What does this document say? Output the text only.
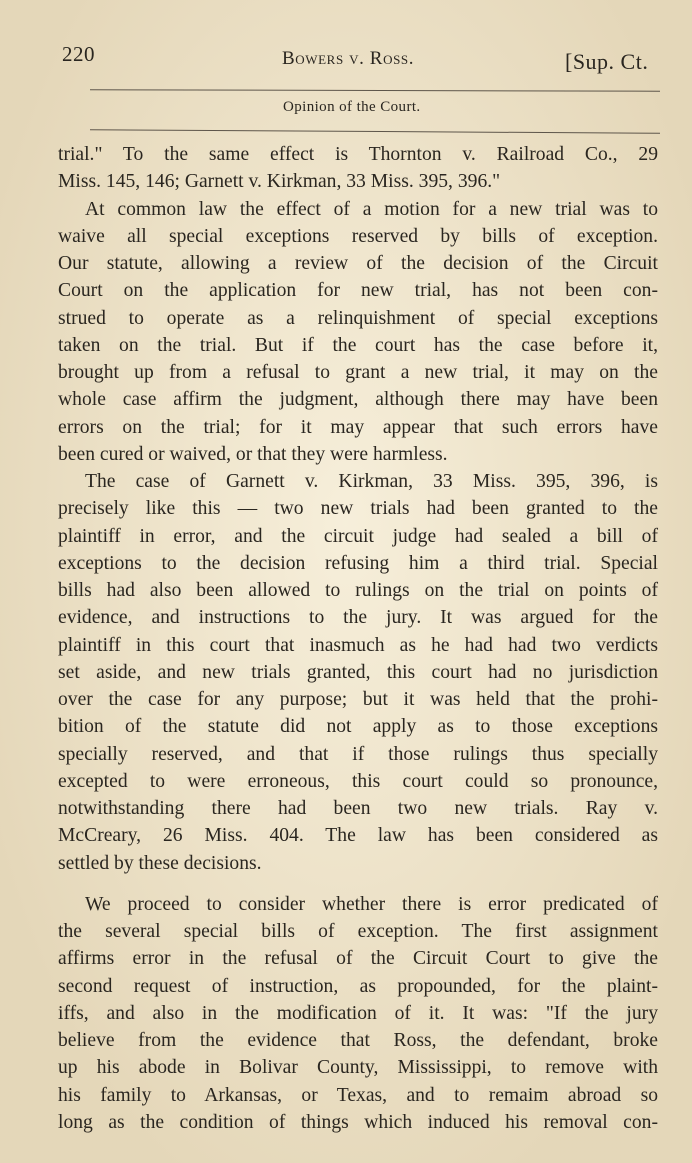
220	Bowers v. Ross.	[Sup. Ct.
Opinion of the Court.
trial." To the same effect is Thornton v. Railroad Co., 29
Miss. 145, 146; Garnett v. Kirkman, 33 Miss. 395, 396."
At common law the effect of a motion for a new trial was to
waive all special exceptions reserved by bills of exception.
Our statute, allowing a review of the decision of the Circuit
Court on the application for new trial, has not been con-
strued to operate as a relinquishment of special exceptions
taken on the trial. But if the court has the case before it,
brought up from a refusal to grant a new trial, it may on the
whole case affirm the judgment, although there may have been
errors on the trial; for it may appear that such errors have
been cured or waived, or that they were harmless.
The case of Garnett v. Kirkman, 33 Miss. 395, 396, is
precisely like this — two new trials had been granted to the
plaintiff in error, and the circuit judge had sealed a bill of
exceptions to the decision refusing him a third trial. Special
bills had also been allowed to rulings on the trial on points of
evidence, and instructions to the jury. It was argued for the
plaintiff in this court that inasmuch as he had had two verdicts
set aside, and new trials granted, this court had no jurisdiction
over the case for any purpose; but it was held that the prohi-
bition of the statute did not apply as to those exceptions
specially reserved, and that if those rulings thus specially
excepted to were erroneous, this court could so pronounce,
notwithstanding there had been two new trials. Ray v.
McCreary, 26 Miss. 404. The law has been considered as
settled by these decisions.
We proceed to consider whether there is error predicated of
the several special bills of exception. The first assignment
affirms error in the refusal of the Circuit Court to give the
second request of instruction, as propounded, for the plaint-
iffs, and also in the modification of it. It was: "If the jury
believe from the evidence that Ross, the defendant, broke
up his abode in Bolivar County, Mississippi, to remove with
his family to Arkansas, or Texas, and to remaim abroad so
long as the condition of things which induced his removal con-
